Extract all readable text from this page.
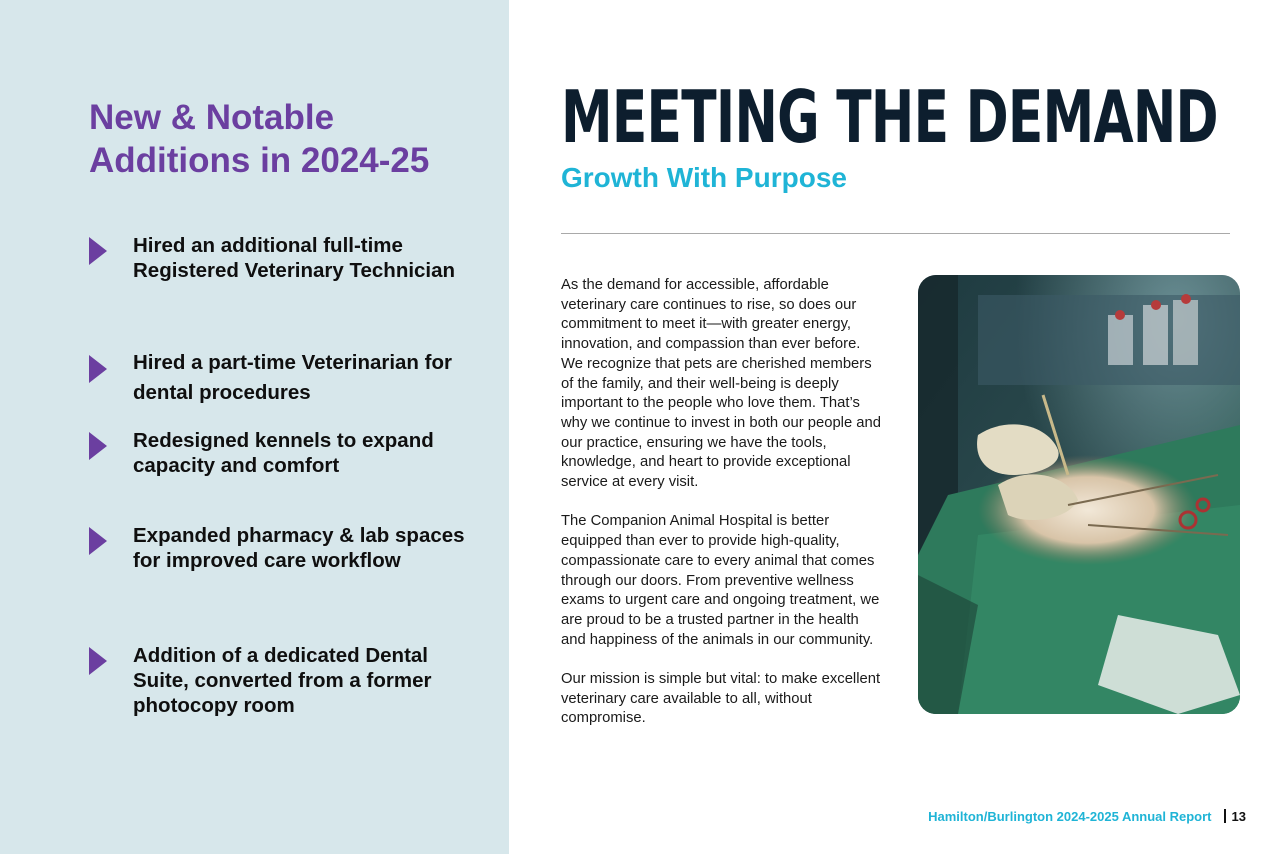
New & Notable
Additions in 2024-25
Hired an additional full-time Registered Veterinary Technician
Hired a part-time Veterinarian for dental procedures
Redesigned kennels to expand capacity and comfort
Expanded pharmacy & lab spaces for improved care workflow
Addition of a dedicated Dental Suite, converted from a former photocopy room
MEETING THE DEMAND
Growth With Purpose

As the demand for accessible, affordable veterinary care continues to rise, so does our commitment to meet it—with greater energy, innovation, and compassion than ever before. We recognize that pets are cherished members of the family, and their well-being is deeply important to the people who love them. That’s why we continue to invest in both our people and our practice, ensuring we have the tools, knowledge, and heart to provide exceptional service at every visit.

The Companion Animal Hospital is better equipped than ever to provide high-quality, compassionate care to every animal that comes through our doors. From preventive wellness exams to urgent care and ongoing treatment, we are proud to be a trusted partner in the health and happiness of the animals in our community.

Our mission is simple but vital: to make excellent veterinary care available to all, without compromise.

Hamilton/Burlington 2024-2025 Annual Report 13
